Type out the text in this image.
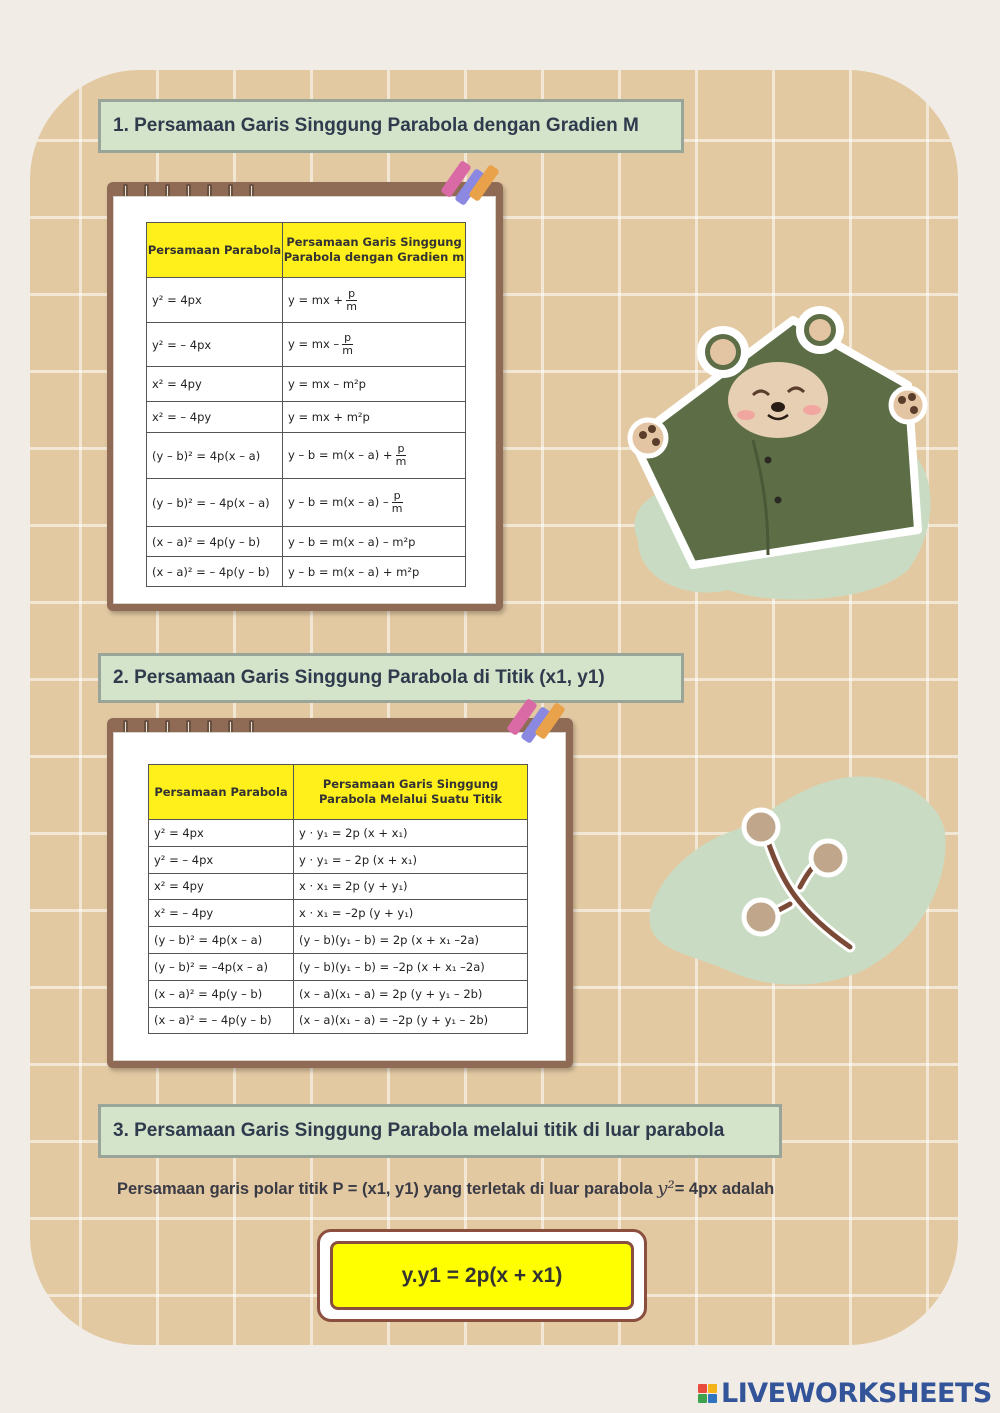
1. Persamaan Garis Singgung Parabola dengan Gradien M
Persamaan Parabola	Persamaan Garis Singgung Parabola dengan Gradien m
y² = 4px	y = mx + $\frac{p}{m}$

y² = – 4px	y = mx – $\frac{p}{m}$

x² = 4py	y = mx – m²p
x² = – 4py	y = mx + m²p
(y – b)² = 4p(x – a)	$y - b = m(x - a) + \frac{p}{m}$

(y – b)² = – 4p(x – a)	$y - b = m(x - a) - \frac{p}{m}$

(x – a)² = 4p(y – b)	y – b = m(x – a) – m²p
(x – a)² = – 4p(y – b)	y – b = m(x – a) + m²p
2. Persamaan Garis Singgung Parabola di Titik (x1, y1)
Persamaan Parabola	Persamaan Garis Singgung Parabola Melalui Suatu Titik
y² = 4px	y · y₁ = 2p (x + x₁)
y² = – 4px	y · y₁ = – 2p (x + x₁)
x² = 4py	x · x₁ = 2p (y + y₁)
x² = – 4py	x · x₁ = –2p (y + y₁)
(y – b)² = 4p(x – a)	(y – b)(y₁ – b) = 2p (x + x₁ –2a)
(y – b)² = –4p(x – a)	(y – b)(y₁ – b) = –2p (x + x₁ –2a)
(x – a)² = 4p(y – b)	(x – a)(x₁ – a) = 2p (y + y₁ – 2b)
(x – a)² = – 4p(y – b)	(x – a)(x₁ – a) = –2p (y + y₁ – 2b)
3. Persamaan Garis Singgung Parabola melalui titik di luar parabola
Persamaan garis polar titik P = (x1, y1) yang terletak di luar parabola y²= 4px adalah
y.y1 = 2p(x + x1)
LIVEWORKSHEETS
